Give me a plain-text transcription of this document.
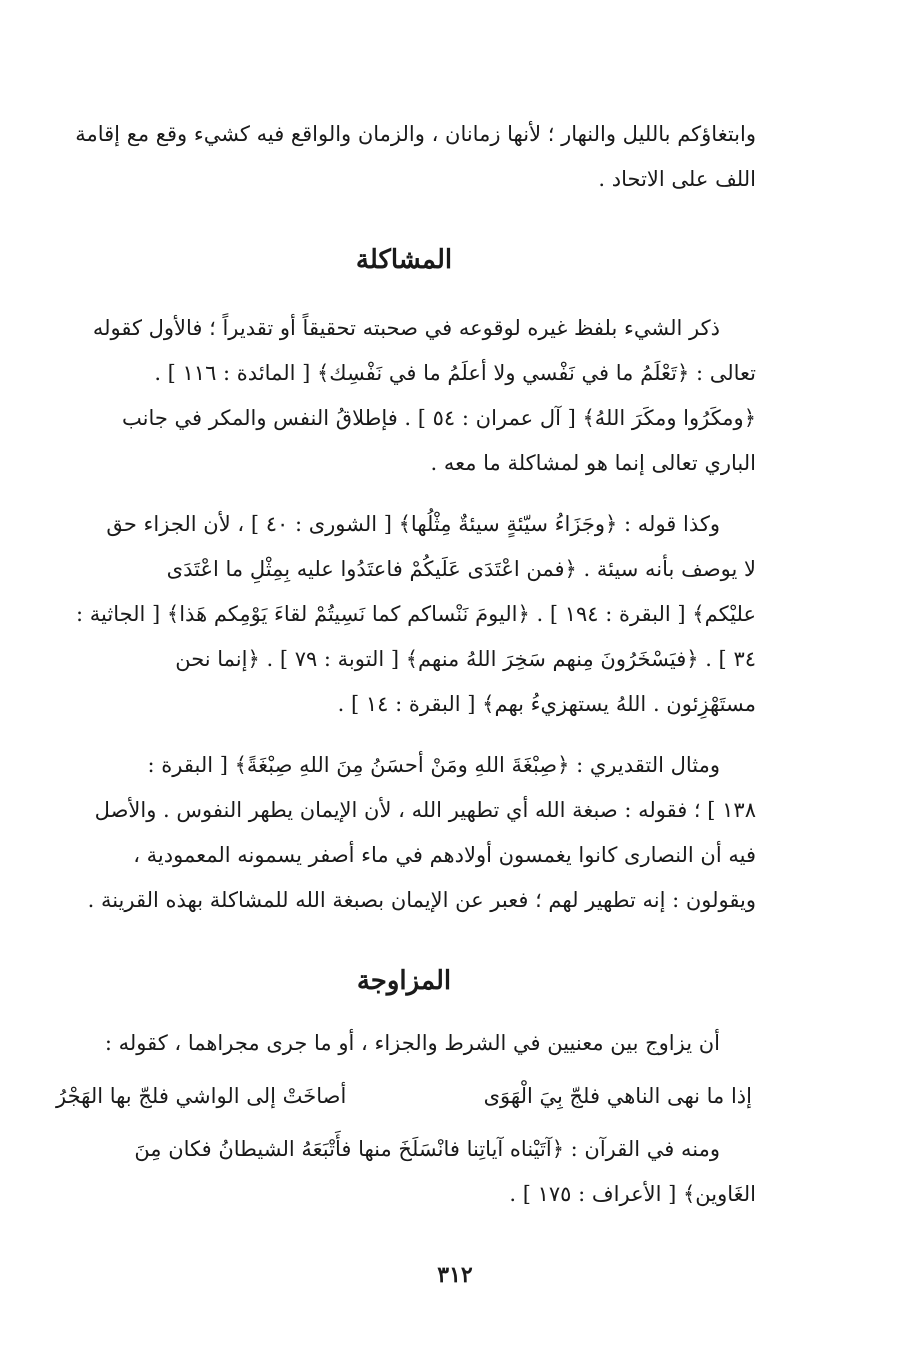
وابتغاؤكم بالليل والنهار ؛ لأنها زمانان ، والزمان والواقع فيه كشيء وقع مع إقامة
اللف على الاتحاد .

المشاكلة

ذكر الشيء بلفظ غيره لوقوعه في صحبته تحقيقاً أو تقديراً ؛ فالأول كقوله
تعالى : ﴿تَعْلَمُ ما في نَفْسي ولا أعلَمُ ما في نَفْسِك﴾ [ المائدة : ١١٦ ] .
﴿ومكَرُوا ومكَرَ اللهُ﴾ [ آل عمران : ٥٤ ] . فإطلاقُ النفس والمكر في جانب
الباري تعالى إنما هو لمشاكلة ما معه .

وكذا قوله : ﴿وجَزَاءُ سيّئةٍ سيئةٌ مِثْلُها﴾ [ الشورى : ٤٠ ] ، لأن الجزاء حق
لا يوصف بأنه سيئة . ﴿فمن اعْتَدَى عَلَيكُمْ فاعتَدُوا عليه بِمِثْلِ ما اعْتَدَى
عليْكم﴾ [ البقرة : ١٩٤ ] . ﴿اليومَ نَنْساكم كما نَسِيتُمْ لقاءَ يَوْمِكم هَذا﴾ [ الجاثية :
٣٤ ] . ﴿فيَسْخَرُونَ مِنهم سَخِرَ اللهُ منهم﴾ [ التوبة : ٧٩ ] . ﴿إنما نحن
مستَهْزِئون . اللهُ يستهزيءُ بهم﴾ [ البقرة : ١٤ ] .

ومثال التقديري : ﴿صِبْغَةَ اللهِ ومَنْ أحسَنُ مِنَ اللهِ صِبْغَةً﴾ [ البقرة :
١٣٨ ] ؛ فقوله : صبغة الله أي تطهير الله ، لأن الإيمان يطهر النفوس . والأصل
فيه أن النصارى كانوا يغمسون أولادهم في ماء أصفر يسمونه المعمودية ،
ويقولون : إنه تطهير لهم ؛ فعبر عن الإيمان بصبغة الله للمشاكلة بهذه القرينة .

المزاوجة

أن يزاوج بين معنيين في الشرط والجزاء ، أو ما جرى مجراهما ، كقوله :

إذا ما نهى الناهي فلجّ بِيَ الْهَوَى
أصاخَتْ إلى الواشي فلجّ بها الهَجْرُ

ومنه في القرآن : ﴿آتَيْناه آياتِنا فانْسَلَخَ منها فأَتْبَعَهُ الشيطانُ فكان مِنَ
الغَاوين﴾ [ الأعراف : ١٧٥ ] .

٣١٢
